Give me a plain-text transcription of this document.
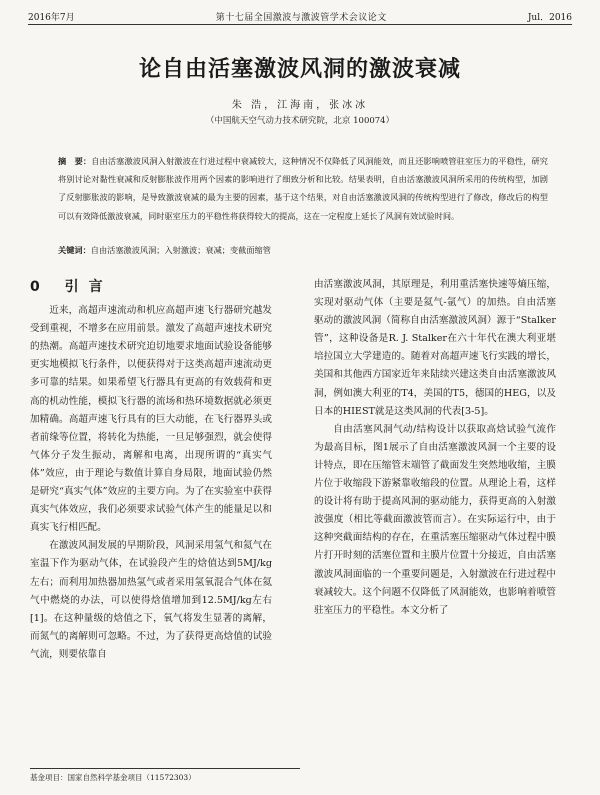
2016年7月	第十七届全国激波与激波管学术会议论文	Jul．2016
论自由活塞激波风洞的激波衰减
朱 浩，江海南，张冰冰
（中国航天空气动力技术研究院，北京 100074）
摘　要：自由活塞激波风洞入射激波在行进过程中衰减较大，这种情况不仅降低了风洞能效，而且还影响喷管驻室压力的平稳性，研究将别讨论对黏性衰减和反射膨胀波作用两个因素的影响进行了细致分析和比较。结果表明，自由活塞激波风洞所采用的传统构型，加剧了反射膨胀波的影响，是导致激波衰减的最为主要的因素，基于这个结果，对自由活塞激波风洞的传统构型进行了修改，修改后的构型可以有效降低激波衰减，同时驱室压力的平稳性将获得较大的提高，这在一定程度上延长了风洞有效试验时间。
关键词：自由活塞激波风洞；入射激波；衰减；变截面缩管
0 引言

近来，高超声速流动和机应高超声速飞行器研究越发受到重视，不增多在应用前景。激发了高超声速技术研究的热潮。高超声速技术研究迫切地要求地面试验设备能够更实地模拟飞行条件，以便获得对于这类高超声速流动更多可靠的结果。如果希望飞行器具有更高的有效载荷和更高的机动性能，模拟飞行器的流场和热环境数据就必须更加精确。高超声速飞行具有的巨大动能，在飞行器界头或者前缘等位置，将转化为热能，一旦足够强烈，就会使得气体分子发生振动，离解和电离，出现所谓的“真实气体”效应，由于理论与数值计算自身局限，地面试验仍然是研究“真实气体”效应的主要方向。为了在实验室中获得真实气体效应，我们必须要求试验气体产生的能量足以和真实飞行相匹配。

在激波风洞发展的早期阶段，风洞采用氢气和氦气在室温下作为驱动气体，在试验段产生的焓值达到5MJ/kg左右；而利用加热器加热氢气或者采用氢氧混合气体在氦气中燃烧的办法，可以使得焓值增加到12.5MJ/kg左右[1]。在这种量级的焓值之下，氧气将发生显著的离解，而氮气的离解则可忽略。不过，为了获得更高焓值的试验气流，则要依靠自

由活塞激波风洞，其原理是，利用重活塞快速等熵压缩，实现对驱动气体（主要是氦气-氩气）的加热。自由活塞驱动的激波风洞（简称自由活塞激波风洞）源于“Stalker管”，这种设备是R. J. Stalker在六十年代在澳大利亚堪培拉国立大学建造的。随着对高超声速飞行实践的增长，美国和其他西方国家近年来陆续兴建这类自由活塞激波风洞，例如澳大利亚的T4，美国的T5，德国的HEG，以及日本的HIEST就是这类风洞的代表[3-5]。

自由活塞风洞气动/结构设计以获取高焓试验气流作为最高目标，图1展示了自由活塞激波风洞一个主要的设计特点，即在压缩管末端管了截面发生突然地收缩，主膜片位于收缩段下游紧靠收缩段的位置。从理论上看，这样的设计将有助于提高风洞的驱动能力，获得更高的入射激波强度（相比等截面激波管而言）。在实际运行中，由于这种突截面结构的存在，在重活塞压缩驱动气体过程中膜片打开时刻的活塞位置和主膜片位置十分接近，自由活塞激波风洞面临的一个重要问题是，入射激波在行进过程中衰减较大。这个问题不仅降低了风洞能效，也影响着喷管驻室压力的平稳性。本文分析了

基金项目：国家自然科学基金项目（11572303）
